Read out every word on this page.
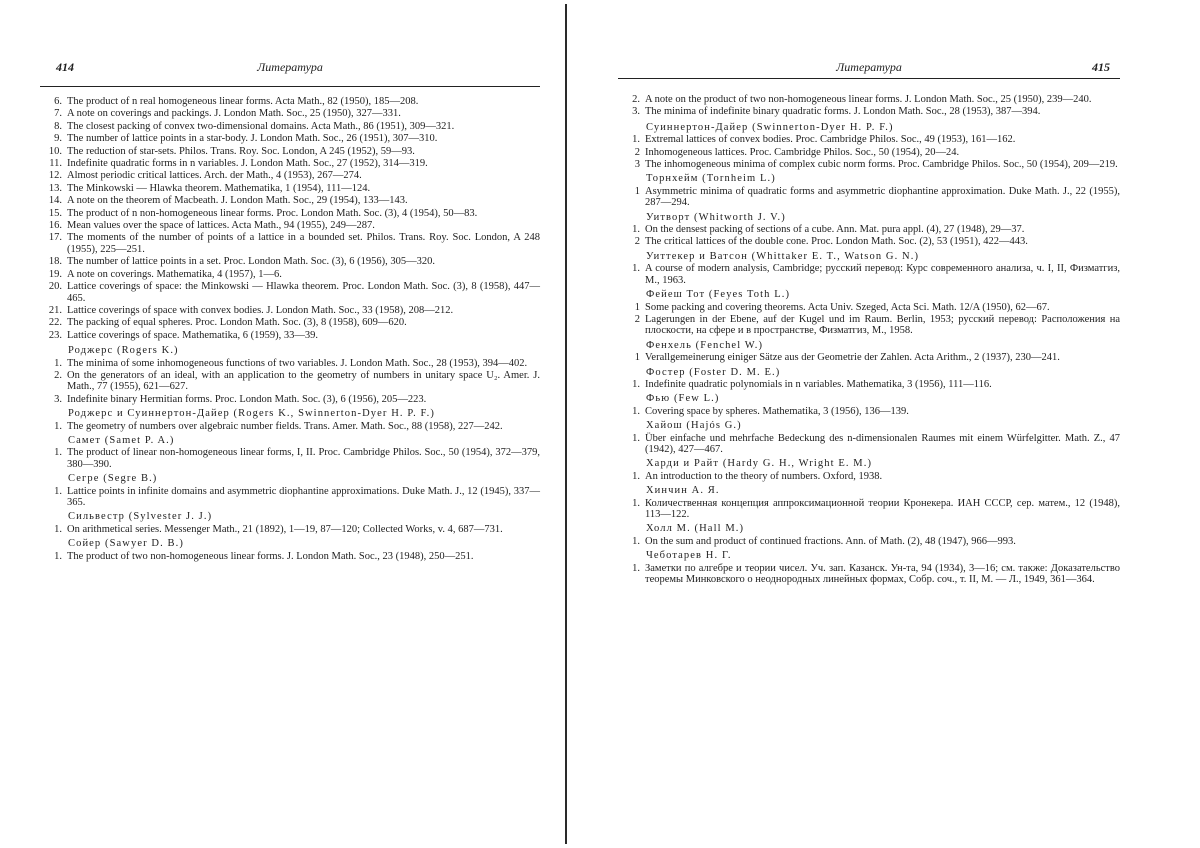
414	Литература
6. The product of n real homogeneous linear forms. Acta Math., 82 (1950), 185—208.
7. A note on coverings and packings. J. London Math. Soc., 25 (1950), 327—331.
8. The closest packing of convex two-dimensional domains. Acta Math., 86 (1951), 309—321.
9. The number of lattice points in a star-body. J. London Math. Soc., 26 (1951), 307—310.
10. The reduction of star-sets. Philos. Trans. Roy. Soc. London, A 245 (1952), 59—93.
11. Indefinite quadratic forms in n variables. J. London Math. Soc., 27 (1952), 314—319.
12. Almost periodic critical lattices. Arch. der Math., 4 (1953), 267—274.
13. The Minkowski — Hlawka theorem. Mathematika, 1 (1954), 111—124.
14. A note on the theorem of Macbeath. J. London Math. Soc., 29 (1954), 133—143.
15. The product of n non-homogeneous linear forms. Proc. London Math. Soc. (3), 4 (1954), 50—83.
16. Mean values over the space of lattices. Acta Math., 94 (1955), 249—287.
17. The moments of the number of points of a lattice in a bounded set. Philos. Trans. Roy. Soc. London, A 248 (1955), 225—251.
18. The number of lattice points in a set. Proc. London Math. Soc. (3), 6 (1956), 305—320.
19. A note on coverings. Mathematika, 4 (1957), 1—6.
20. Lattice coverings of space: the Minkowski — Hlawka theorem. Proc. London Math. Soc. (3), 8 (1958), 447—465.
21. Lattice coverings of space with convex bodies. J. London Math. Soc., 33 (1958), 208—212.
22. The packing of equal spheres. Proc. London Math. Soc. (3), 8 (1958), 609—620.
23. Lattice coverings of space. Mathematika, 6 (1959), 33—39.
Роджерс (Rogers K.)
1. The minima of some inhomogeneous functions of two variables. J. London Math. Soc., 28 (1953), 394—402.
2. On the generators of an ideal, with an application to the geometry of numbers in unitary space U₂. Amer. J. Math., 77 (1955), 621—627.
3. Indefinite binary Hermitian forms. Proc. London Math. Soc. (3), 6 (1956), 205—223.
Роджерс и Суиннертон-Дайер (Rogers K., Swinnerton-Dyer H. P. F.)
1. The geometry of numbers over algebraic number fields. Trans. Amer. Math. Soc., 88 (1958), 227—242.
Самет (Samet P. A.)
1. The product of linear non-homogeneous linear forms, I, II. Proc. Cambridge Philos. Soc., 50 (1954), 372—379, 380—390.
Сегре (Segre B.)
1. Lattice points in infinite domains and asymmetric diophantine approximations. Duke Math. J., 12 (1945), 337—365.
Сильвестр (Sylvester J. J.)
1. On arithmetical series. Messenger Math., 21 (1892), 1—19, 87—120; Collected Works, v. 4, 687—731.
Сойер (Sawyer D. B.)
1. The product of two non-homogeneous linear forms. J. London Math. Soc., 23 (1948), 250—251.
Литература	415
2. A note on the product of two non-homogeneous linear forms. J. London Math. Soc., 25 (1950), 239—240.
3. The minima of indefinite binary quadratic forms. J. London Math. Soc., 28 (1953), 387—394.
Суиннертон-Дайер (Swinnerton-Dyer H. P. F.)
1. Extremal lattices of convex bodies. Proc. Cambridge Philos. Soc., 49 (1953), 161—162.
2 Inhomogeneous lattices. Proc. Cambridge Philos. Soc., 50 (1954), 20—24.
3 The inhomogeneous minima of complex cubic norm forms. Proc. Cambridge Philos. Soc., 50 (1954), 209—219.
Торнхейм (Tornheim L.)
1 Asymmetric minima of quadratic forms and asymmetric diophantine approximation. Duke Math. J., 22 (1955), 287—294.
Уитворт (Whitworth J. V.)
1. On the densest packing of sections of a cube. Ann. Mat. pura appl. (4), 27 (1948), 29—37.
2 The critical lattices of the double cone. Proc. London Math. Soc. (2), 53 (1951), 422—443.
Уиттекер и Ватсон (Whittaker E. T., Watson G. N.)
1. A course of modern analysis, Cambridge; русский перевод: Курс современного анализа, ч. I, II, Физматгиз, М., 1963.
Фейеш Тот (Feyes Toth L.)
1 Some packing and covering theorems. Acta Univ. Szeged, Acta Sci. Math. 12/A (1950), 62—67.
2 Lagerungen in der Ebene, auf der Kugel und im Raum. Berlin, 1953; русский перевод: Расположения на плоскости, на сфере и в пространстве, Физматгиз, М., 1958.
Фенхель (Fenchel W.)
1 Verallgemeinerung einiger Sätze aus der Geometrie der Zahlen. Acta Arithm., 2 (1937), 230—241.
Фостер (Foster D. M. E.)
1. Indefinite quadratic polynomials in n variables. Mathematika, 3 (1956), 111—116.
Фью (Few L.)
1. Covering space by spheres. Mathematika, 3 (1956), 136—139.
Хайош (Hajós G.)
1. Über einfache und mehrfache Bedeckung des n-dimensionalen Raumes mit einem Würfelgitter. Math. Z., 47 (1942), 427—467.
Харди и Райт (Hardy G. H., Wright E. M.)
1. An introduction to the theory of numbers. Oxford, 1938.
Хинчин А. Я.
1. Количественная концепция аппроксимационной теории Кронекера. ИАН СССР, сер. матем., 12 (1948), 113—122.
Холл М. (Hall M.)
1. On the sum and product of continued fractions. Ann. of Math. (2), 48 (1947), 966—993.
Чеботарев Н. Г.
1. Заметки по алгебре и теории чисел. Уч. зап. Казанск. Ун-та, 94 (1934), 3—16; см. также: Доказательство теоремы Минковского о неоднородных линейных формах, Собр. соч., т. II, М. — Л., 1949, 361—364.
